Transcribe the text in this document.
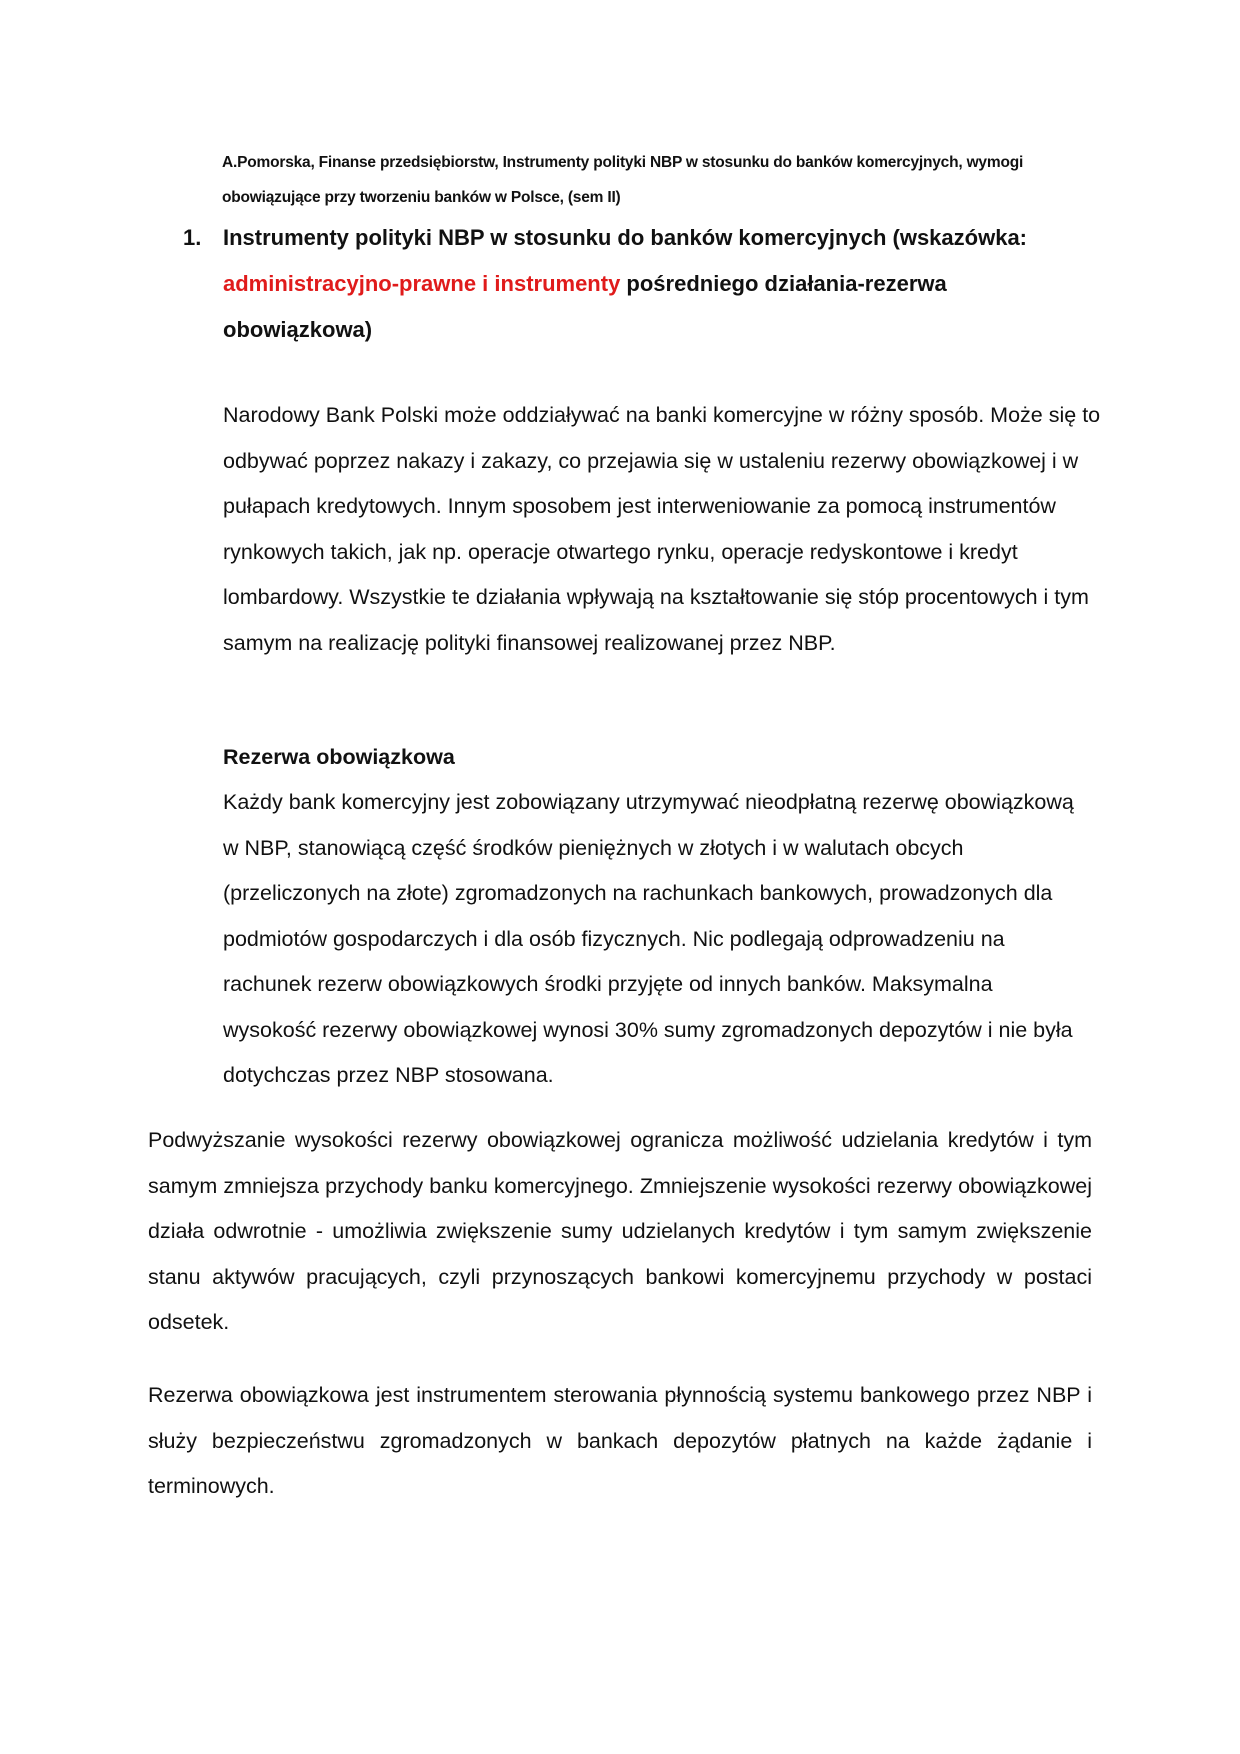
A.Pomorska, Finanse przedsiębiorstw, Instrumenty polityki NBP w stosunku do banków komercyjnych, wymogi obowiązujące przy tworzeniu banków w Polsce, (sem II)
1. Instrumenty polityki NBP w stosunku do banków komercyjnych (wskazówka: administracyjno-prawne i instrumenty pośredniego działania-rezerwa obowiązkowa)

Narodowy Bank Polski może oddziaływać na banki komercyjne w różny sposób. Może się to odbywać poprzez nakazy i zakazy, co przejawia się w ustaleniu rezerwy obowiązkowej i w pułapach kredytowych. Innym sposobem jest interweniowanie za pomocą instrumentów rynkowych takich, jak np. operacje otwartego rynku, operacje redyskontowe i kredyt lombardowy. Wszystkie te działania wpływają na kształtowanie się stóp procentowych i tym samym na realizację polityki finansowej realizowanej przez NBP.

Rezerwa obowiązkowa

Każdy bank komercyjny jest zobowiązany utrzymywać nieodpłatną rezerwę obowiązkową w NBP, stanowiącą część środków pieniężnych w złotych i w walutach obcych (przeliczonych na złote) zgromadzonych na rachunkach bankowych, prowadzonych dla podmiotów gospodarczych i dla osób fizycznych. Nic podlegają odprowadzeniu na rachunek rezerw obowiązkowych środki przyjęte od innych banków. Maksymalna wysokość rezerwy obowiązkowej wynosi 30% sumy zgromadzonych depozytów i nie była dotychczas przez NBP stosowana.

Podwyższanie wysokości rezerwy obowiązkowej ogranicza możliwość udzielania kredytów i tym samym zmniejsza przychody banku komercyjnego. Zmniejszenie wysokości rezerwy obowiązkowej działa odwrotnie - umożliwia zwiększenie sumy udzielanych kredytów i tym samym zwiększenie stanu aktywów pracujących, czyli przynoszących bankowi komercyjnemu przychody w postaci odsetek.

Rezerwa obowiązkowa jest instrumentem sterowania płynnością systemu bankowego przez NBP i służy bezpieczeństwu zgromadzonych w bankach depozytów płatnych na każde żądanie i terminowych.
